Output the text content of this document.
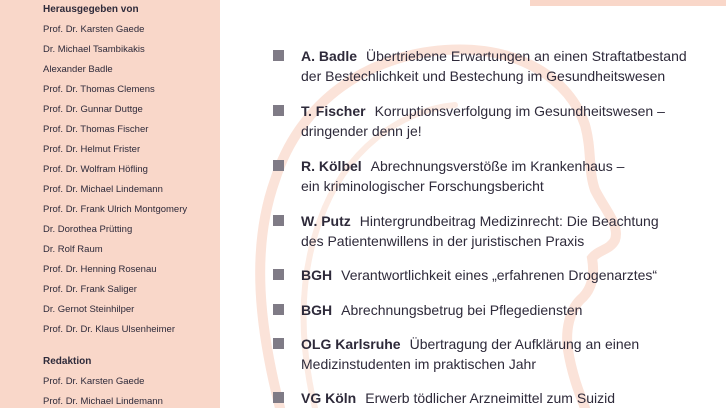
Herausgegeben von
Prof. Dr. Karsten Gaede
Dr. Michael Tsambikakis
Alexander Badle
Prof. Dr. Thomas Clemens
Prof. Dr. Gunnar Duttge
Prof. Dr. Thomas Fischer
Prof. Dr. Helmut Frister
Prof. Dr. Wolfram Höfling
Prof. Dr. Michael Lindemann
Prof. Dr. Frank Ulrich Montgomery
Dr. Dorothea Prütting
Dr. Rolf Raum
Prof. Dr. Henning Rosenau
Prof. Dr. Frank Saliger
Dr. Gernot Steinhilper
Prof. Dr. Dr. Klaus Ulsenheimer
Redaktion
Prof. Dr. Karsten Gaede
Prof. Dr. Michael Lindemann
A. Badle Übertriebene Erwartungen an einen Straftatbestand
der Bestechlichkeit und Bestechung im Gesundheitswesen
T. Fischer Korruptionsverfolgung im Gesundheitswesen –
dringender denn je!
R. Kölbel Abrechnungsverstöße im Krankenhaus –
ein kriminologischer Forschungsbericht
W. Putz Hintergrundbeitrag Medizinrecht: Die Beachtung
des Patientenwillens in der juristischen Praxis
BGH Verantwortlichkeit eines „erfahrenen Drogenarztes“
BGH Abrechnungsbetrug bei Pflegediensten
OLG Karlsruhe Übertragung der Aufklärung an einen
Medizinstudenten im praktischen Jahr
VG Köln Erwerb tödlicher Arzneimittel zum Suizid
